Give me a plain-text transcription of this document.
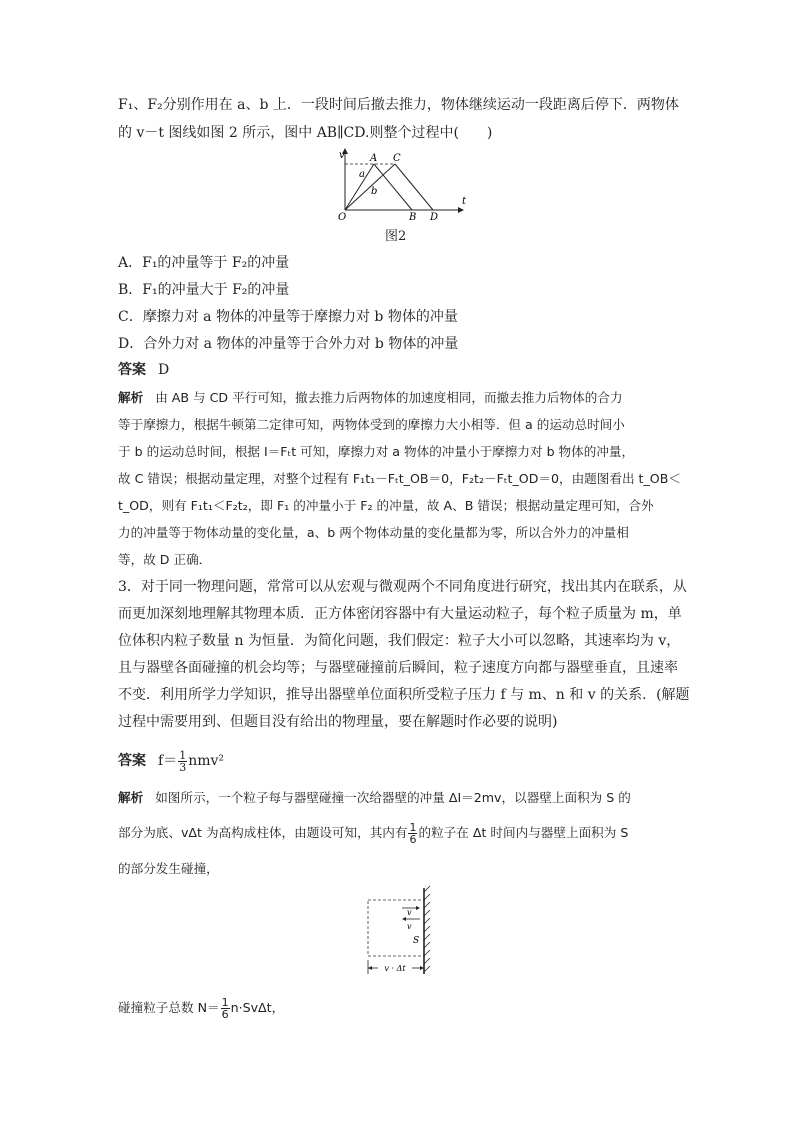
F₁、F₂分别作用在 a、b 上．一段时间后撤去推力，物体继续运动一段距离后停下．两物体
的 v－t 图线如图 2 所示，图中 AB∥CD.则整个过程中(　　)
v
t
O
A C
B D
a
b
图2
A．F₁的冲量等于 F₂的冲量
B．F₁的冲量大于 F₂的冲量
C．摩擦力对 a 物体的冲量等于摩擦力对 b 物体的冲量
D．合外力对 a 物体的冲量等于合外力对 b 物体的冲量
答案 D
解析 由 AB 与 CD 平行可知，撤去推力后两物体的加速度相同，而撤去推力后物体的合力
等于摩擦力，根据牛顿第二定律可知，两物体受到的摩擦力大小相等．但 a 的运动总时间小
于 b 的运动总时间，根据 I＝Fₜt 可知，摩擦力对 a 物体的冲量小于摩擦力对 b 物体的冲量，
故 C 错误；根据动量定理，对整个过程有 F₁t₁－Fₜt_OB＝0，F₂t₂－Fₜt_OD＝0，由题图看出 t_OB＜
t_OD，则有 F₁t₁＜F₂t₂，即 F₁ 的冲量小于 F₂ 的冲量，故 A、B 错误；根据动量定理可知，合外
力的冲量等于物体动量的变化量，a、b 两个物体动量的变化量都为零，所以合外力的冲量相
等，故 D 正确．
3．对于同一物理问题，常常可以从宏观与微观两个不同角度进行研究，找出其内在联系，从
而更加深刻地理解其物理本质．正方体密闭容器中有大量运动粒子，每个粒子质量为 m，单
位体积内粒子数量 n 为恒量．为简化问题，我们假定：粒子大小可以忽略，其速率均为 v，
且与器壁各面碰撞的机会均等；与器壁碰撞前后瞬间，粒子速度方向都与器壁垂直，且速率
不变．利用所学力学知识，推导出器壁单位面积所受粒子压力 f 与 m、n 和 v 的关系．(解题
过程中需要用到、但题目没有给出的物理量，要在解题时作必要的说明)
答案 $f= \frac{1}{3} nmv^2$
解析 如图所示，一个粒子每与器壁碰撞一次给器壁的冲量 ΔI＝2mv，以器壁上面积为 S 的
部分为底、vΔt 为高构成柱体，由题设可知，其内有 $\frac{1}{6}$ 的粒子在 Δt 时间内与器壁上面积为 S
的部分发生碰撞，
v
v
S
v · Δt
碰撞粒子总数 $N= \frac{1}{6} n\cdot Sv\Delta t$，
